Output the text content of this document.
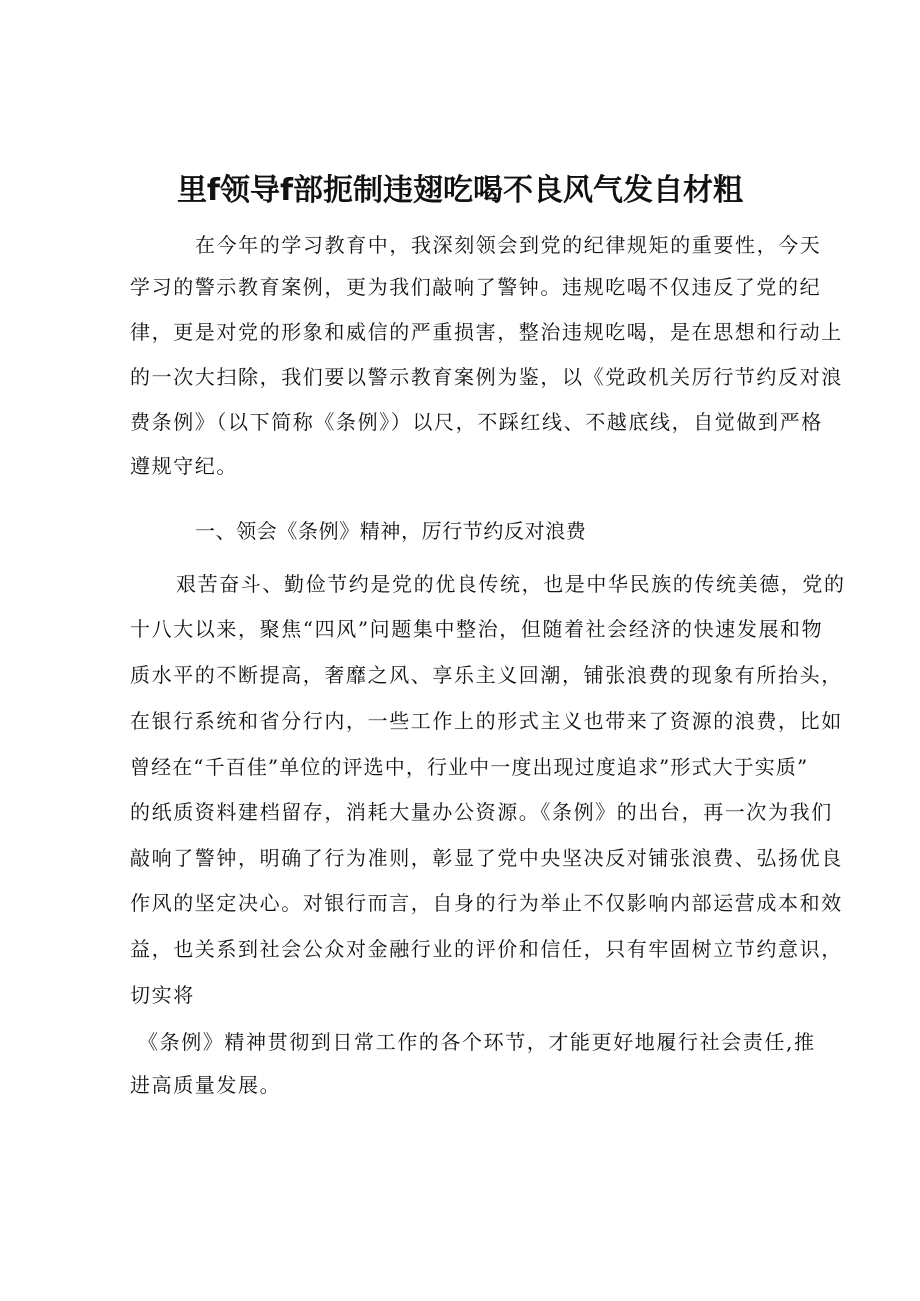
里f领导f部扼制违翅吃喝不良风气发自材粗
在今年的学习教育中，我深刻领会到党的纪律规矩的重要性，今天
学习的警示教育案例，更为我们敲响了警钟。违规吃喝不仅违反了党的纪
律，更是对党的形象和威信的严重损害，整治违规吃喝，是在思想和行动上
的一次大扫除，我们要以警示教育案例为鉴，以《党政机关厉行节约反对浪
费条例》（以下简称《条例》）以尺，不踩红线、不越底线，自觉做到严格
遵规守纪。
一、领会《条例》精神，厉行节约反对浪费
艰苦奋斗、勤俭节约是党的优良传统，也是中华民族的传统美德，党的
十八大以来，聚焦“四风”问题集中整治，但随着社会经济的快速发展和物
质水平的不断提高，奢靡之风、享乐主义回潮，铺张浪费的现象有所抬头，
在银行系统和省分行内，一些工作上的形式主义也带来了资源的浪费，比如
曾经在“千百佳”单位的评选中，行业中一度出现过度追求”形式大于实质”
的纸质资料建档留存，消耗大量办公资源。《条例》的出台，再一次为我们
敲响了警钟，明确了行为准则，彰显了党中央坚决反对铺张浪费、弘扬优良
作风的坚定决心。对银行而言，自身的行为举止不仅影响内部运营成本和效
益，也关系到社会公众对金融行业的评价和信任，只有牢固树立节约意识，
切实将
《条例》精神贯彻到日常工作的各个环节，才能更好地履行社会责任,推
进高质量发展。
